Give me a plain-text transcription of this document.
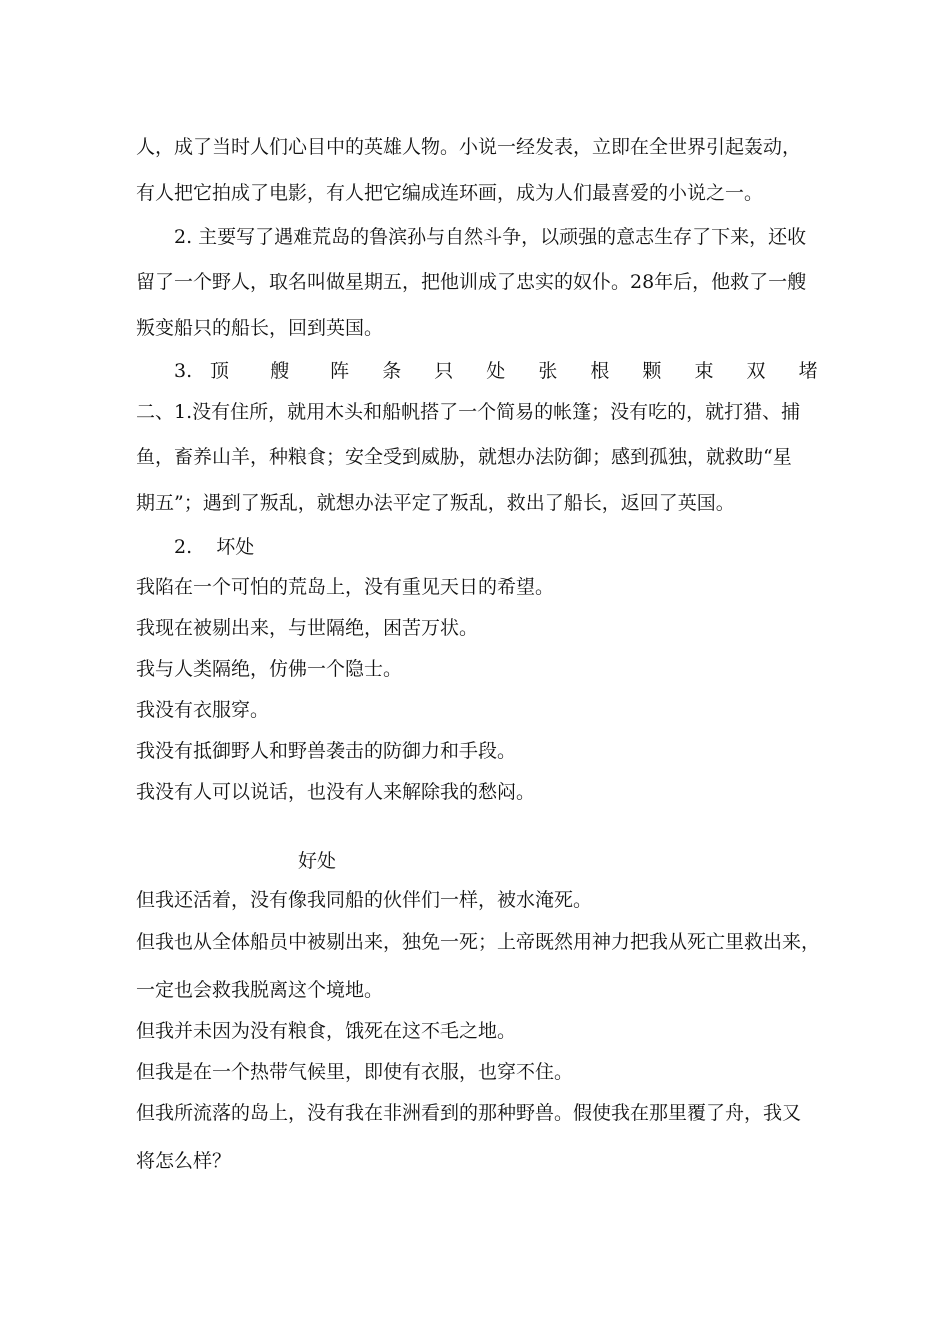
人，成了当时人们心目中的英雄人物。小说一经发表，立即在全世界引起轰动，
有人把它拍成了电影，有人把它编成连环画，成为人们最喜爱的小说之一。
2. 主要写了遇难荒岛的鲁滨孙与自然斗争，以顽强的意志生存了下来，还收
留了一个野人，取名叫做星期五，把他训成了忠实的奴仆。28年后，他救了一艘
叛变船只的船长，回到英国。
3. 顶 艘 阵 条 只 处 张 根 颗 束 双 堵
二、1.没有住所，就用木头和船帆搭了一个简易的帐篷；没有吃的，就打猎、捕
鱼，畜养山羊，种粮食；安全受到威胁，就想办法防御；感到孤独，就救助“星
期五”；遇到了叛乱，就想办法平定了叛乱，救出了船长，返回了英国。
2.    坏处
我陷在一个可怕的荒岛上，没有重见天日的希望。
我现在被剔出来，与世隔绝，困苦万状。
我与人类隔绝，仿佛一个隐士。
我没有衣服穿。
我没有抵御野人和野兽袭击的防御力和手段。
我没有人可以说话，也没有人来解除我的愁闷。
好处
但我还活着，没有像我同船的伙伴们一样，被水淹死。
但我也从全体船员中被剔出来，独免一死；上帝既然用神力把我从死亡里救出来，
一定也会救我脱离这个境地。
但我并未因为没有粮食，饿死在这不毛之地。
但我是在一个热带气候里，即使有衣服，也穿不住。
但我所流落的岛上，没有我在非洲看到的那种野兽。假使我在那里覆了舟，我又
将怎么样？
